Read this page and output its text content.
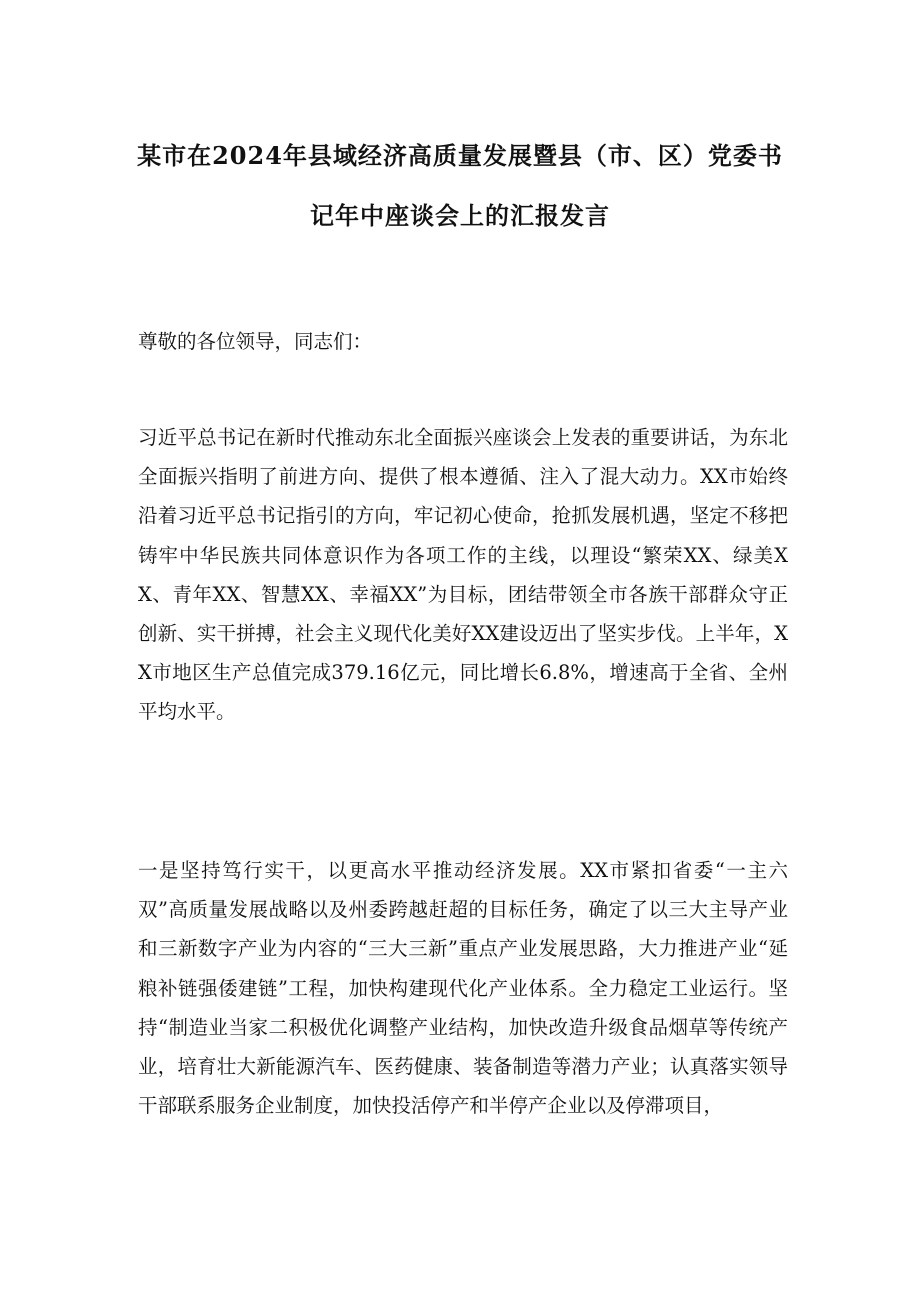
某市在2024年县域经济高质量发展暨县（市、区）党委书
记年中座谈会上的汇报发言

尊敬的各位领导，同志们：

习近平总书记在新时代推动东北全面振兴座谈会上发表的重要讲话，为东北全面振兴指明了前进方向、提供了根本遵循、注入了混大动力。XX市始终沿着习近平总书记指引的方向，牢记初心使命，抢抓发展机遇，坚定不移把铸牢中华民族共同体意识作为各项工作的主线，以理设“繁荣XX、绿美XX、青年XX、智慧XX、幸福XX”为目标，团结带领全市各族干部群众守正创新、实干拼搏，社会主义现代化美好XX建设迈出了坚实步伐。上半年，XX市地区生产总值完成379.16亿元，同比增长6.8%，增速高于全省、全州平均水平。

一是坚持笃行实干，以更高水平推动经济发展。XX市紧扣省委“一主六双”高质量发展战略以及州委跨越赶超的目标任务，确定了以三大主导产业和三新数字产业为内容的“三大三新”重点产业发展思路，大力推进产业“延粮补链强倭建链”工程，加快构建现代化产业体系。全力稳定工业运行。坚持“制造业当家二积极优化调整产业结构，加快改造升级食品烟草等传统产业，培育壮大新能源汽车、医药健康、装备制造等潜力产业；认真落实领导干部联系服务企业制度，加快投活停产和半停产企业以及停滞项目，
